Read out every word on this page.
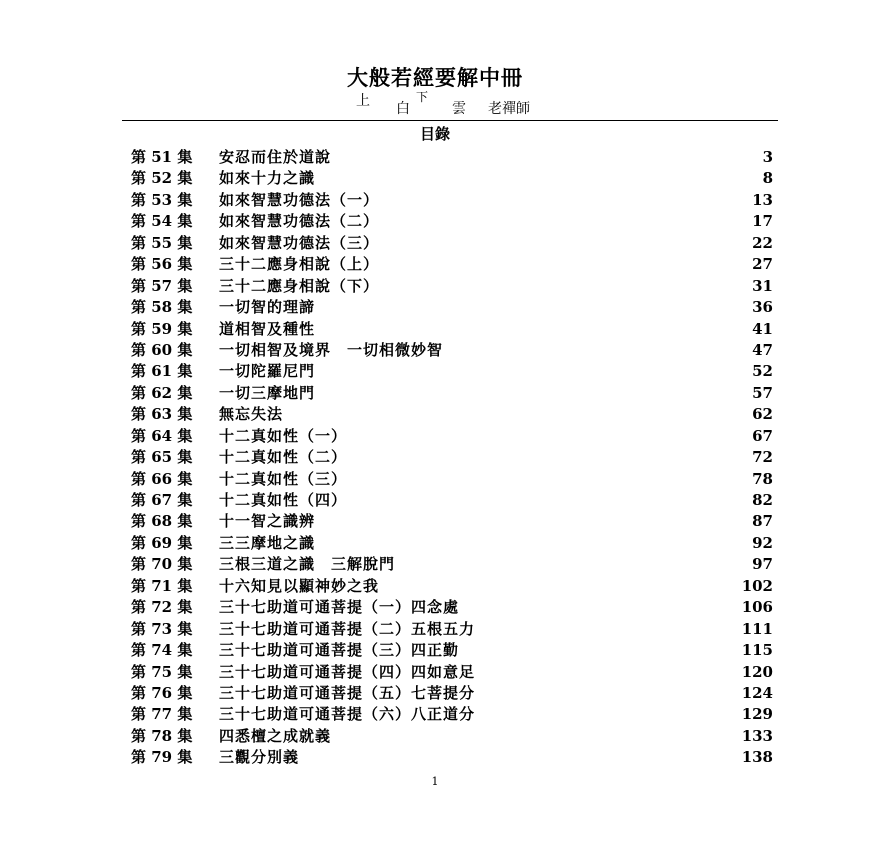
大般若經要解中冊
上 白
下
雲 老禪師
目錄
第 51 集	安忍而住於道說	3
第 52 集	如來十力之識	8
第 53 集	如來智慧功德法（一）	13
第 54 集	如來智慧功德法（二）	17
第 55 集	如來智慧功德法（三）	22
第 56 集	三十二應身相說（上）	27
第 57 集	三十二應身相說（下）	31
第 58 集	一切智的理諦	36
第 59 集	道相智及種性	41
第 60 集	一切相智及境界　一切相微妙智	47
第 61 集	一切陀羅尼門	52
第 62 集	一切三摩地門	57
第 63 集	無忘失法	62
第 64 集	十二真如性（一）	67
第 65 集	十二真如性（二）	72
第 66 集	十二真如性（三）	78
第 67 集	十二真如性（四）	82
第 68 集	十一智之識辨	87
第 69 集	三三摩地之識	92
第 70 集	三根三道之識　三解脫門	97
第 71 集	十六知見以顯神妙之我	102
第 72 集	三十七助道可通菩提（一）四念處	106
第 73 集	三十七助道可通菩提（二）五根五力	111
第 74 集	三十七助道可通菩提（三）四正勤	115
第 75 集	三十七助道可通菩提（四）四如意足	120
第 76 集	三十七助道可通菩提（五）七菩提分	124
第 77 集	三十七助道可通菩提（六）八正道分	129
第 78 集	四悉檀之成就義	133
第 79 集	三觀分別義	138
1
